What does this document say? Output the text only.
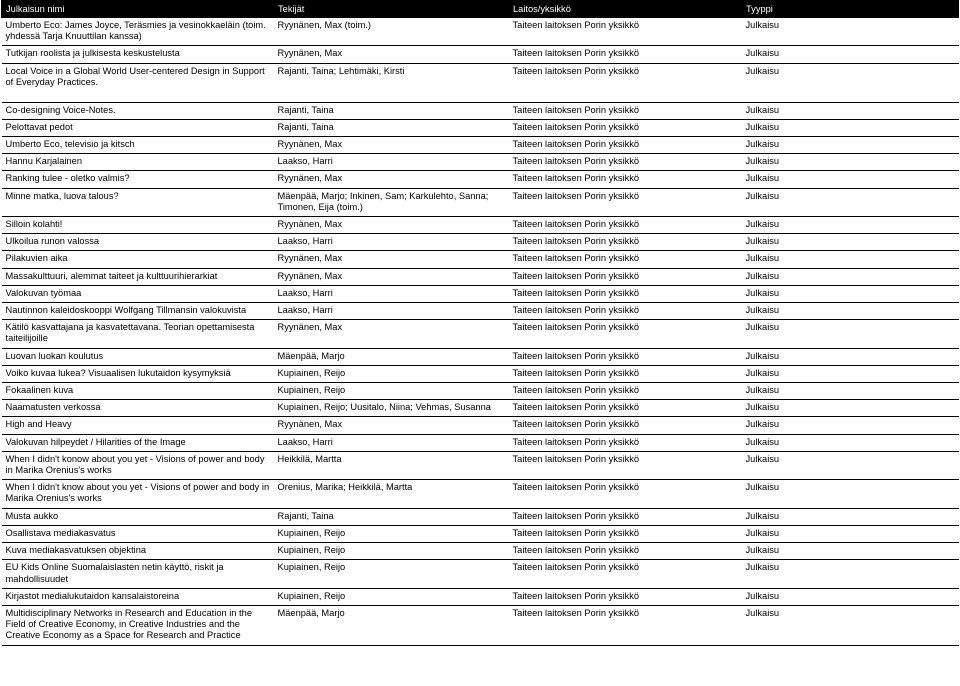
Julkaisun nimi	Tekijät	Laitos/yksikkö	Tyyppi
Umberto Eco: James Joyce, Teräsmies ja vesinokkaeläin (toim. yhdessä Tarja Knuuttilan kanssa)	Ryynänen, Max (toim.)	Taiteen laitoksen Porin yksikkö	Julkaisu
Tutkijan roolista ja julkisesta keskustelusta	Ryynänen, Max	Taiteen laitoksen Porin yksikkö	Julkaisu
Local Voice in a Global World User-centered Design in Support of Everyday Practices.	Rajanti, Taina; Lehtimäki, Kirsti	Taiteen laitoksen Porin yksikkö	Julkaisu
Co-designing Voice-Notes.	Rajanti, Taina	Taiteen laitoksen Porin yksikkö	Julkaisu
Pelottavat pedot	Rajanti, Taina	Taiteen laitoksen Porin yksikkö	Julkaisu
Umberto Eco, televisio ja kitsch	Ryynänen, Max	Taiteen laitoksen Porin yksikkö	Julkaisu
Hannu Karjalainen	Laakso, Harri	Taiteen laitoksen Porin yksikkö	Julkaisu
Ranking tulee - oletko valmis?	Ryynänen, Max	Taiteen laitoksen Porin yksikkö	Julkaisu
Minne matka, luova talous?	Mäenpää, Marjo; Inkinen, Sam; Karkulehto, Sanna; Timonen, Eija (toim.)	Taiteen laitoksen Porin yksikkö	Julkaisu
Silloin kolahti!	Ryynänen, Max	Taiteen laitoksen Porin yksikkö	Julkaisu
Ulkoilua runon valossa	Laakso, Harri	Taiteen laitoksen Porin yksikkö	Julkaisu
Pilakuvien aika	Ryynänen, Max	Taiteen laitoksen Porin yksikkö	Julkaisu
Massakulttuuri, alemmat taiteet ja kulttuurihierarkiat	Ryynänen, Max	Taiteen laitoksen Porin yksikkö	Julkaisu
Valokuvan työmaa	Laakso, Harri	Taiteen laitoksen Porin yksikkö	Julkaisu
Nautinnon kaleidoskooppi Wolfgang Tillmansin valokuvista	Laakso, Harri	Taiteen laitoksen Porin yksikkö	Julkaisu
Kätilö kasvattajana ja kasvatettavana. Teorian opettamisesta taiteilijoille	Ryynänen, Max	Taiteen laitoksen Porin yksikkö	Julkaisu
Luovan luokan koulutus	Mäenpää, Marjo	Taiteen laitoksen Porin yksikkö	Julkaisu
Voiko kuvaa lukea? Visuaalisen lukutaidon kysymyksiä	Kupiainen, Reijo	Taiteen laitoksen Porin yksikkö	Julkaisu
Fokaalinen kuva	Kupiainen, Reijo	Taiteen laitoksen Porin yksikkö	Julkaisu
Naamatusten verkossa	Kupiainen, Reijo; Uusitalo, Niina; Vehmas, Susanna	Taiteen laitoksen Porin yksikkö	Julkaisu
High and Heavy	Ryynänen, Max	Taiteen laitoksen Porin yksikkö	Julkaisu
Valokuvan hilpeydet / Hilarities of the Image	Laakso, Harri	Taiteen laitoksen Porin yksikkö	Julkaisu
When I didn't konow about you yet - Visions of power and body in Marika Orenius's works	Heikkilä, Martta	Taiteen laitoksen Porin yksikkö	Julkaisu
When I didn't know about you yet - Visions of power and body in Marika Orenius's works	Orenius, Marika; Heikkilä, Martta	Taiteen laitoksen Porin yksikkö	Julkaisu
Musta aukko	Rajanti, Taina	Taiteen laitoksen Porin yksikkö	Julkaisu
Osallistava mediakasvatus	Kupiainen, Reijo	Taiteen laitoksen Porin yksikkö	Julkaisu
Kuva mediakasvatuksen objektina	Kupiainen, Reijo	Taiteen laitoksen Porin yksikkö	Julkaisu
EU Kids Online Suomalaislasten netin käyttö, riskit ja mahdollisuudet	Kupiainen, Reijo	Taiteen laitoksen Porin yksikkö	Julkaisu
Kirjastot medialukutaidon kansalaistoreina	Kupiainen, Reijo	Taiteen laitoksen Porin yksikkö	Julkaisu
Multidisciplinary Networks in Research and Education in the Field of Creative Economy, in Creative Industries and the Creative Economy as a Space for Research and Practice	Mäenpää, Marjo	Taiteen laitoksen Porin yksikkö	Julkaisu
